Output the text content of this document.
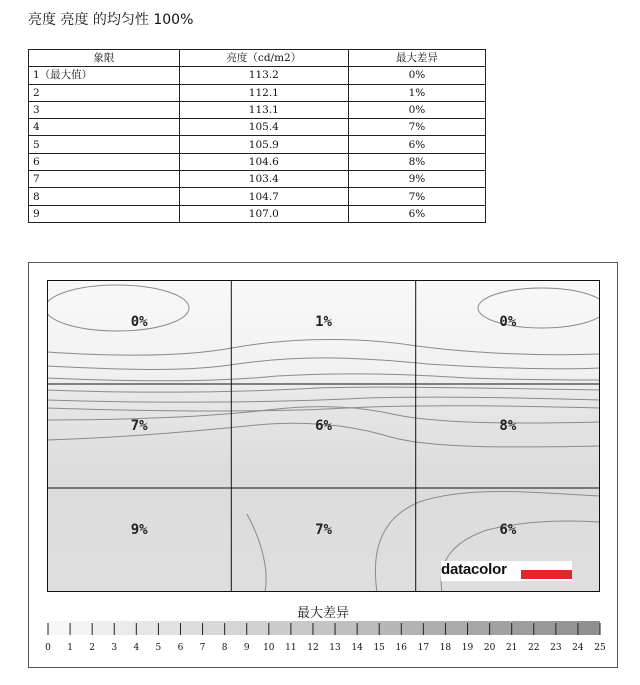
亮度 亮度 的均匀性 100%
象限	亮度（cd/m2）	最大差异
1（最大值）	113.2	0%
2	112.1	1%
3	113.1	0%
4	105.4	7%
5	105.9	6%
6	104.6	8%
7	103.4	9%
8	104.7	7%
9	107.0	6%
0%	1%	0%
7%	6%	8%
9%	7%	6%
datacolor
最大差异
0 1 2 3 4 5 6 7 8 9 10 11 12 13 14 15 16 17 18 19 20 21 22 23 24 25
